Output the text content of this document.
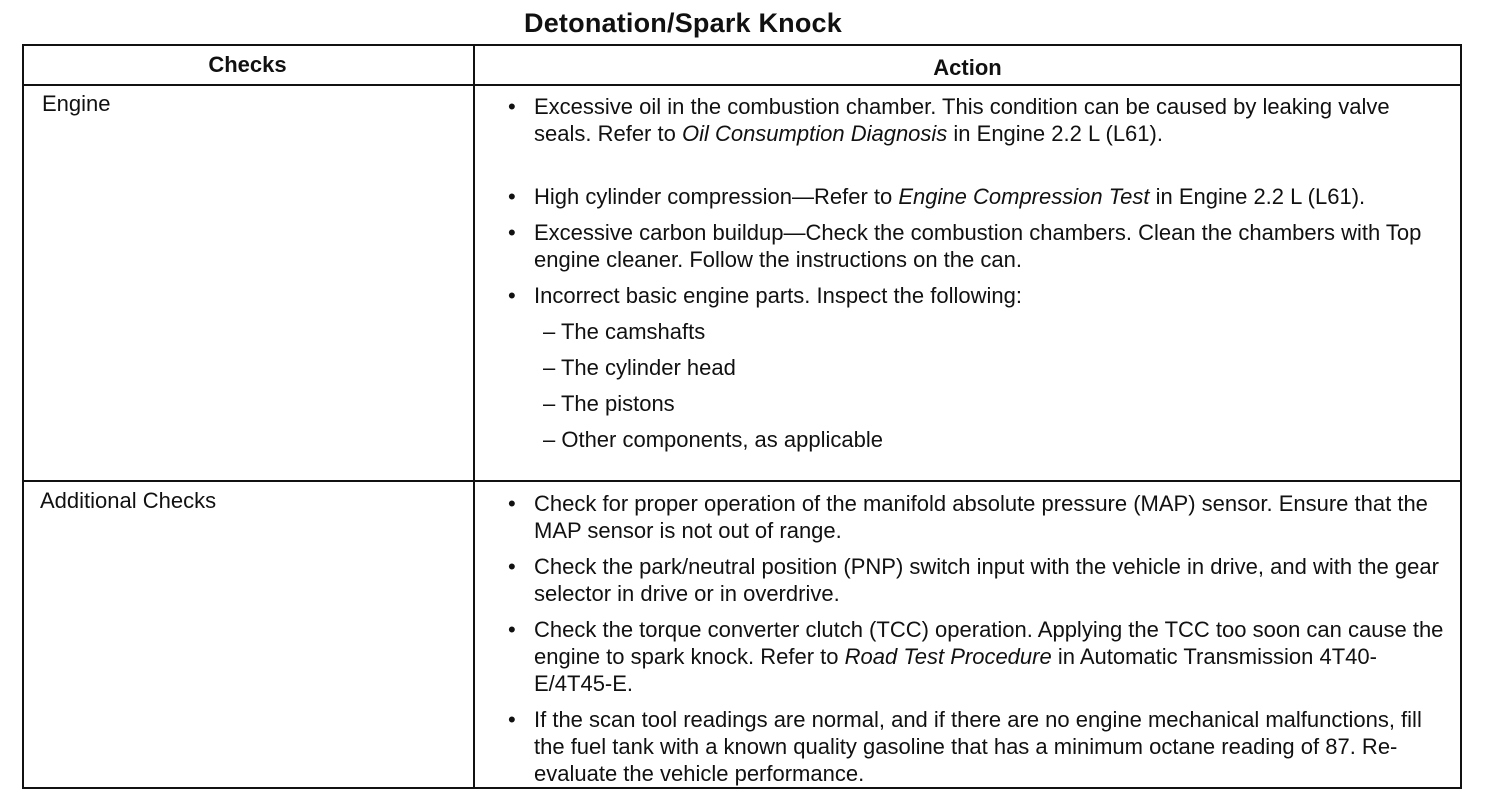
Detonation/Spark Knock
Checks	Action
Engine
Additional Checks
• Excessive oil in the combustion chamber. This condition can be caused by leaking valve seals. Refer to Oil Consumption Diagnosis in Engine 2.2 L (L61).
• High cylinder compression—Refer to Engine Compression Test in Engine 2.2 L (L61).
• Excessive carbon buildup—Check the combustion chambers. Clean the chambers with Top engine cleaner. Follow the instructions on the can.
• Incorrect basic engine parts. Inspect the following:
– The camshafts
– The cylinder head
– The pistons
– Other components, as applicable
• Check for proper operation of the manifold absolute pressure (MAP) sensor. Ensure that the MAP sensor is not out of range.
• Check the park/neutral position (PNP) switch input with the vehicle in drive, and with the gear selector in drive or in overdrive.
• Check the torque converter clutch (TCC) operation. Applying the TCC too soon can cause the engine to spark knock. Refer to Road Test Procedure in Automatic Transmission 4T40-E/4T45-E.
• If the scan tool readings are normal, and if there are no engine mechanical malfunctions, fill the fuel tank with a known quality gasoline that has a minimum octane reading of 87. Re-evaluate the vehicle performance.
